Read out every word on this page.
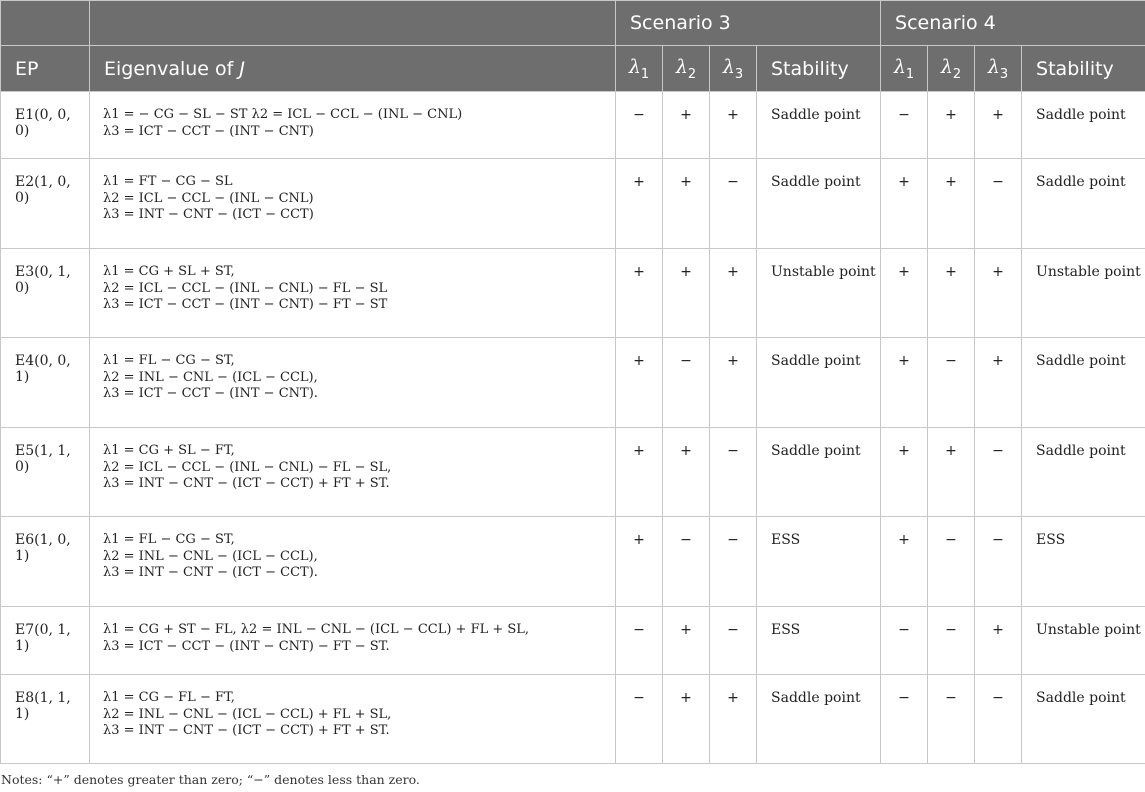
		Scenario 3				Scenario 4			
EP	Eigenvalue of J	$\lambda_1$	$\lambda_2$	$\lambda_3$	Stability	$\lambda_1$	$\lambda_2$	$\lambda_3$	Stability
E1(0, 0, 0)	λ1 = − CG − SL − ST λ2 = ICL − CCL − (INL − CNL)
λ3 = ICT − CCT − (INT − CNT)	−	+	+	Saddle point	−	+	+	Saddle point
E2(1, 0, 0)	λ1 = FT − CG − SL
λ2 = ICL − CCL − (INL − CNL)
λ3 = INT − CNT − (ICT − CCT)	+	+	−	Saddle point	+	+	−	Saddle point
E3(0, 1, 0)	λ1 = CG + SL + ST,
λ2 = ICL − CCL − (INL − CNL) − FL − SL
λ3 = ICT − CCT − (INT − CNT) − FT − ST	+	+	+	Unstable point	+	+	+	Unstable point
E4(0, 0, 1)	λ1 = FL − CG − ST,
λ2 = INL − CNL − (ICL − CCL),
λ3 = ICT − CCT − (INT − CNT).	+	−	+	Saddle point	+	−	+	Saddle point
E5(1, 1, 0)	λ1 = CG + SL − FT,
λ2 = ICL − CCL − (INL − CNL) − FL − SL,
λ3 = INT − CNT − (ICT − CCT) + FT + ST.	+	+	−	Saddle point	+	+	−	Saddle point
E6(1, 0, 1)	λ1 = FL − CG − ST,
λ2 = INL − CNL − (ICL − CCL),
λ3 = INT − CNT − (ICT − CCT).	+	−	−	ESS	+	−	−	ESS
E7(0, 1, 1)	λ1 = CG + ST − FL, λ2 = INL − CNL − (ICL − CCL) + FL + SL,
λ3 = ICT − CCT − (INT − CNT) − FT − ST.	−	+	−	ESS	−	−	+	Unstable point
E8(1, 1, 1)	λ1 = CG − FL − FT,
λ2 = INL − CNL − (ICL − CCL) + FL + SL,
λ3 = INT − CNT − (ICT − CCT) + FT + ST.	−	+	+	Saddle point	−	−	−	Saddle point
Notes: “+” denotes greater than zero; “−” denotes less than zero.
